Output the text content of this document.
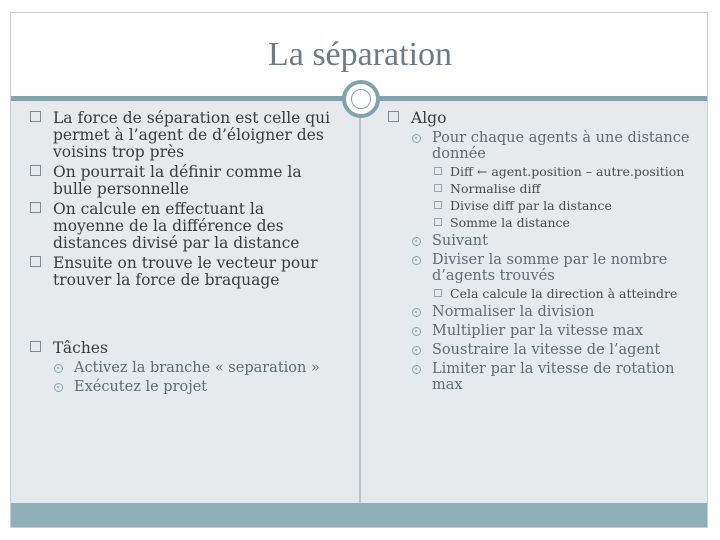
La séparation
La force de séparation est celle qui permet à l’agent de d’éloigner des voisins trop près
On pourrait la définir comme la bulle personnelle
On calcule en effectuant la moyenne de la différence des distances divisé par la distance
Ensuite on trouve le vecteur pour trouver la force de braquage
Tâches
Activez la branche « separation »
Exécutez le projet
Algo
Pour chaque agents à une distance donnée
Diff ← agent.position – autre.position
Normalise diff
Divise diff par la distance
Somme la distance
Suivant
Diviser la somme par le nombre d’agents trouvés
Cela calcule la direction à atteindre
Normaliser la division
Multiplier par la vitesse max
Soustraire la vitesse de l’agent
Limiter par la vitesse de rotation max
